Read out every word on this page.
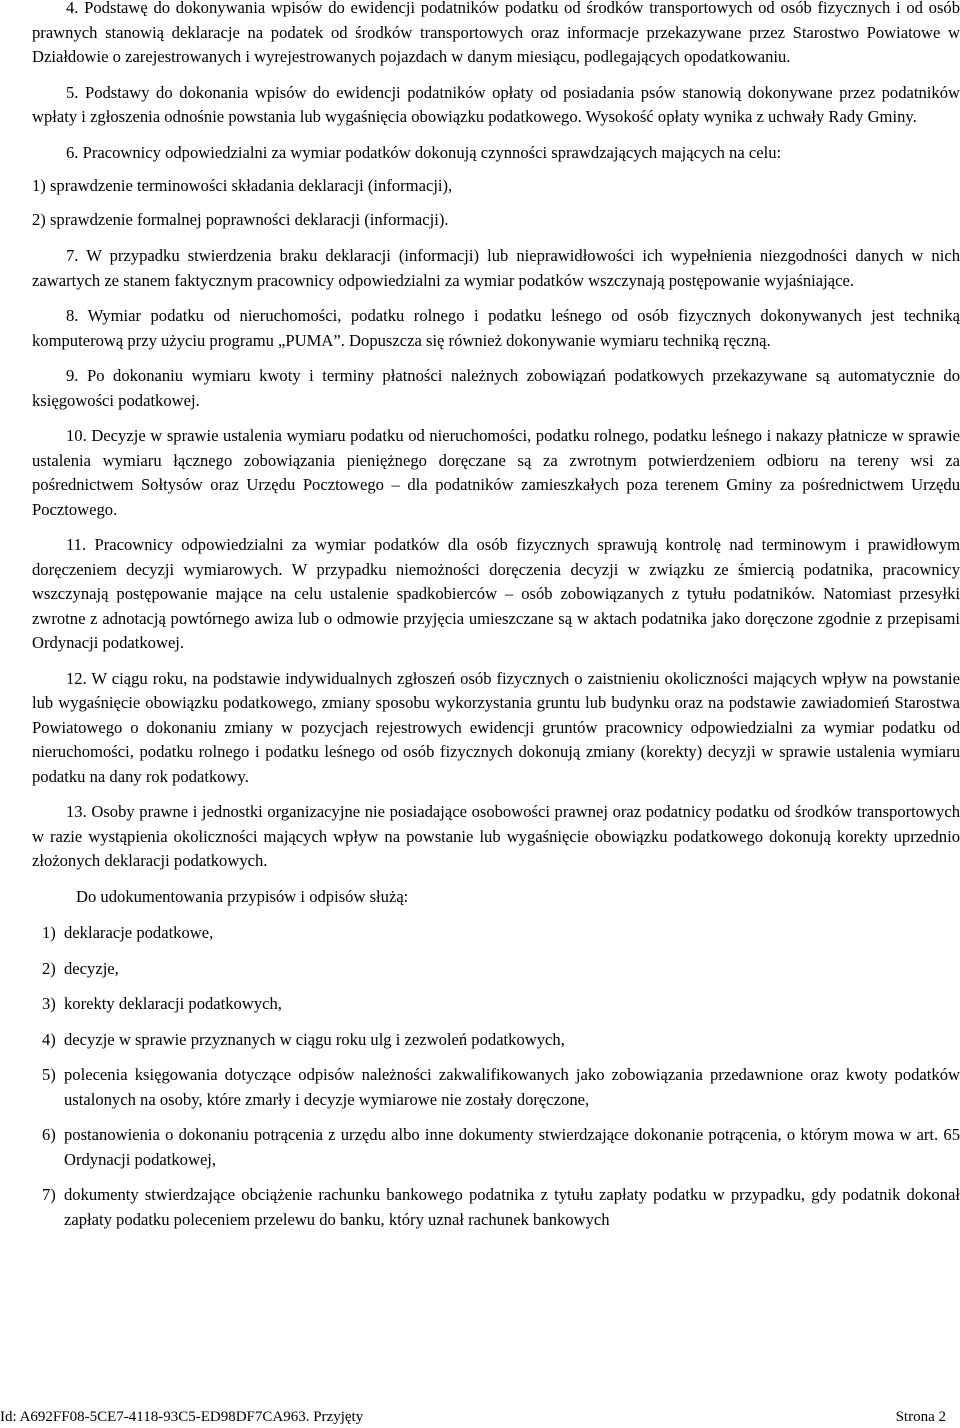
4. Podstawę do dokonywania wpisów do ewidencji podatników podatku od środków transportowych od osób fizycznych i od osób prawnych stanowią deklaracje na podatek od środków transportowych oraz informacje przekazywane przez Starostwo Powiatowe w Działdowie o zarejestrowanych i wyrejestrowanych pojazdach w danym miesiącu, podlegających opodatkowaniu.

5. Podstawy do dokonania wpisów do ewidencji podatników opłaty od posiadania psów stanowią dokonywane przez podatników wpłaty i zgłoszenia odnośnie powstania lub wygaśnięcia obowiązku podatkowego. Wysokość opłaty wynika z uchwały Rady Gminy.

6. Pracownicy odpowiedzialni za wymiar podatków dokonują czynności sprawdzających mających na celu:

1) sprawdzenie terminowości składania deklaracji (informacji),

2) sprawdzenie formalnej poprawności deklaracji (informacji).

7. W przypadku stwierdzenia braku deklaracji (informacji) lub nieprawidłowości ich wypełnienia niezgodności danych w nich zawartych ze stanem faktycznym pracownicy odpowiedzialni za wymiar podatków wszczynają postępowanie wyjaśniające.

8. Wymiar podatku od nieruchomości, podatku rolnego i podatku leśnego od osób fizycznych dokonywanych jest techniką komputerową przy użyciu programu „PUMA”. Dopuszcza się również dokonywanie wymiaru techniką ręczną.

9. Po dokonaniu wymiaru kwoty i terminy płatności należnych zobowiązań podatkowych przekazywane są automatycznie do księgowości podatkowej.

10. Decyzje w sprawie ustalenia wymiaru podatku od nieruchomości, podatku rolnego, podatku leśnego i nakazy płatnicze w sprawie ustalenia wymiaru łącznego zobowiązania pieniężnego doręczane są za zwrotnym potwierdzeniem odbioru na tereny wsi za pośrednictwem Sołtysów oraz Urzędu Pocztowego – dla podatników zamieszkałych poza terenem Gminy za pośrednictwem Urzędu Pocztowego.

11. Pracownicy odpowiedzialni za wymiar podatków dla osób fizycznych sprawują kontrolę nad terminowym i prawidłowym doręczeniem decyzji wymiarowych. W przypadku niemożności doręczenia decyzji w związku ze śmiercią podatnika, pracownicy wszczynają postępowanie mające na celu ustalenie spadkobierców – osób zobowiązanych z tytułu podatników. Natomiast przesyłki zwrotne z adnotacją powtórnego awiza lub o odmowie przyjęcia umieszczane są w aktach podatnika jako doręczone zgodnie z przepisami Ordynacji podatkowej.

12. W ciągu roku, na podstawie indywidualnych zgłoszeń osób fizycznych o zaistnieniu okoliczności mających wpływ na powstanie lub wygaśnięcie obowiązku podatkowego, zmiany sposobu wykorzystania gruntu lub budynku oraz na podstawie zawiadomień Starostwa Powiatowego o dokonaniu zmiany w pozycjach rejestrowych ewidencji gruntów pracownicy odpowiedzialni za wymiar podatku od nieruchomości, podatku rolnego i podatku leśnego od osób fizycznych dokonują zmiany (korekty) decyzji w sprawie ustalenia wymiaru podatku na dany rok podatkowy.

13. Osoby prawne i jednostki organizacyjne nie posiadające osobowości prawnej oraz podatnicy podatku od środków transportowych w razie wystąpienia okoliczności mających wpływ na powstanie lub wygaśnięcie obowiązku podatkowego dokonują korekty uprzednio złożonych deklaracji podatkowych.

Do udokumentowania przypisów i odpisów służą:

1) deklaracje podatkowe,
2) decyzje,
3) korekty deklaracji podatkowych,
4) decyzje w sprawie przyznanych w ciągu roku ulg i zezwoleń podatkowych,
5) polecenia księgowania dotyczące odpisów należności zakwalifikowanych jako zobowiązania przedawnione oraz kwoty podatków ustalonych na osoby, które zmarły i decyzje wymiarowe nie zostały doręczone,
6) postanowienia o dokonaniu potrącenia z urzędu albo inne dokumenty stwierdzające dokonanie potrącenia, o którym mowa w art. 65 Ordynacji podatkowej,
7) dokumenty stwierdzające obciążenie rachunku bankowego podatnika z tytułu zapłaty podatku w przypadku, gdy podatnik dokonał zapłaty podatku poleceniem przelewu do banku, który uznał rachunek bankowych
Id: A692FF08-5CE7-4118-93C5-ED98DF7CA963. Przyjęty	Strona 2
